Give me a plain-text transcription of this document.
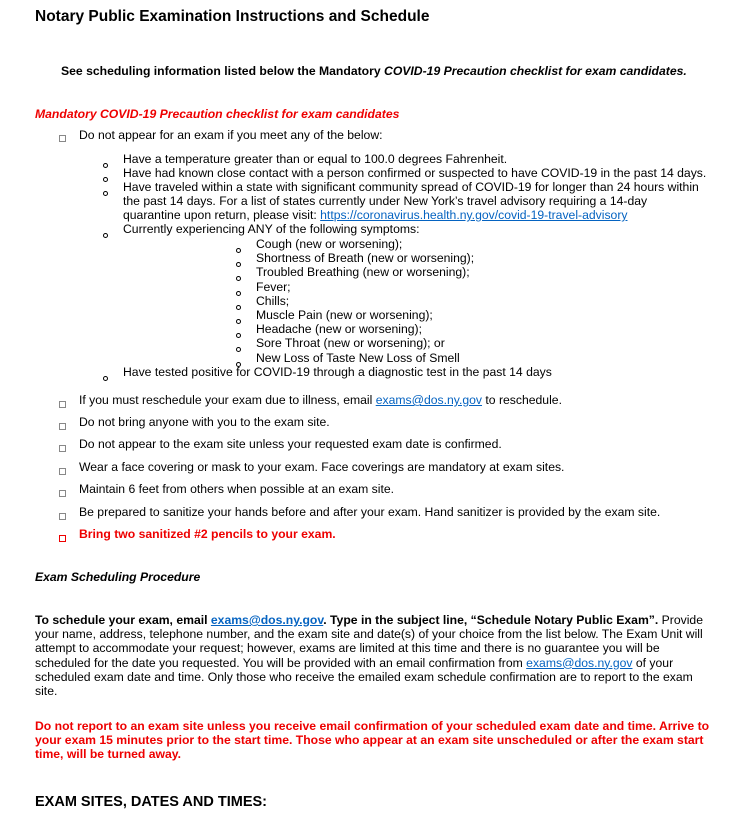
Notary Public Examination Instructions and Schedule
See scheduling information listed below the Mandatory COVID-19 Precaution checklist for exam candidates.
Mandatory COVID-19 Precaution checklist for exam candidates
Do not appear for an exam if you meet any of the below:
Have a temperature greater than or equal to 100.0 degrees Fahrenheit.
Have had known close contact with a person confirmed or suspected to have COVID-19 in the past 14 days.
Have traveled within a state with significant community spread of COVID-19 for longer than 24 hours within
the past 14 days. For a list of states currently under New York’s travel advisory requiring a 14-day
quarantine upon return, please visit: https://coronavirus.health.ny.gov/covid-19-travel-advisory
Currently experiencing ANY of the following symptoms:
Cough (new or worsening);
Shortness of Breath (new or worsening);
Troubled Breathing (new or worsening);
Fever;
Chills;
Muscle Pain (new or worsening);
Headache (new or worsening);
Sore Throat (new or worsening); or
New Loss of Taste New Loss of Smell
Have tested positive for COVID-19 through a diagnostic test in the past 14 days
If you must reschedule your exam due to illness, email exams@dos.ny.gov to reschedule.
Do not bring anyone with you to the exam site.
Do not appear to the exam site unless your requested exam date is confirmed.
Wear a face covering or mask to your exam. Face coverings are mandatory at exam sites.
Maintain 6 feet from others when possible at an exam site.
Be prepared to sanitize your hands before and after your exam. Hand sanitizer is provided by the exam site.
Bring two sanitized #2 pencils to your exam.
Exam Scheduling Procedure
To schedule your exam, email exams@dos.ny.gov. Type in the subject line, “Schedule Notary Public Exam”. Provide your name, address, telephone number, and the exam site and date(s) of your choice from the list below. The Exam Unit will attempt to accommodate your request; however, exams are limited at this time and there is no guarantee you will be scheduled for the date you requested. You will be provided with an email confirmation from exams@dos.ny.gov of your scheduled exam date and time. Only those who receive the emailed exam schedule confirmation are to report to the exam site.
Do not report to an exam site unless you receive email confirmation of your scheduled exam date and time. Arrive to your exam 15 minutes prior to the start time. Those who appear at an exam site unscheduled or after the exam start time, will be turned away.
EXAM SITES, DATES AND TIMES:
